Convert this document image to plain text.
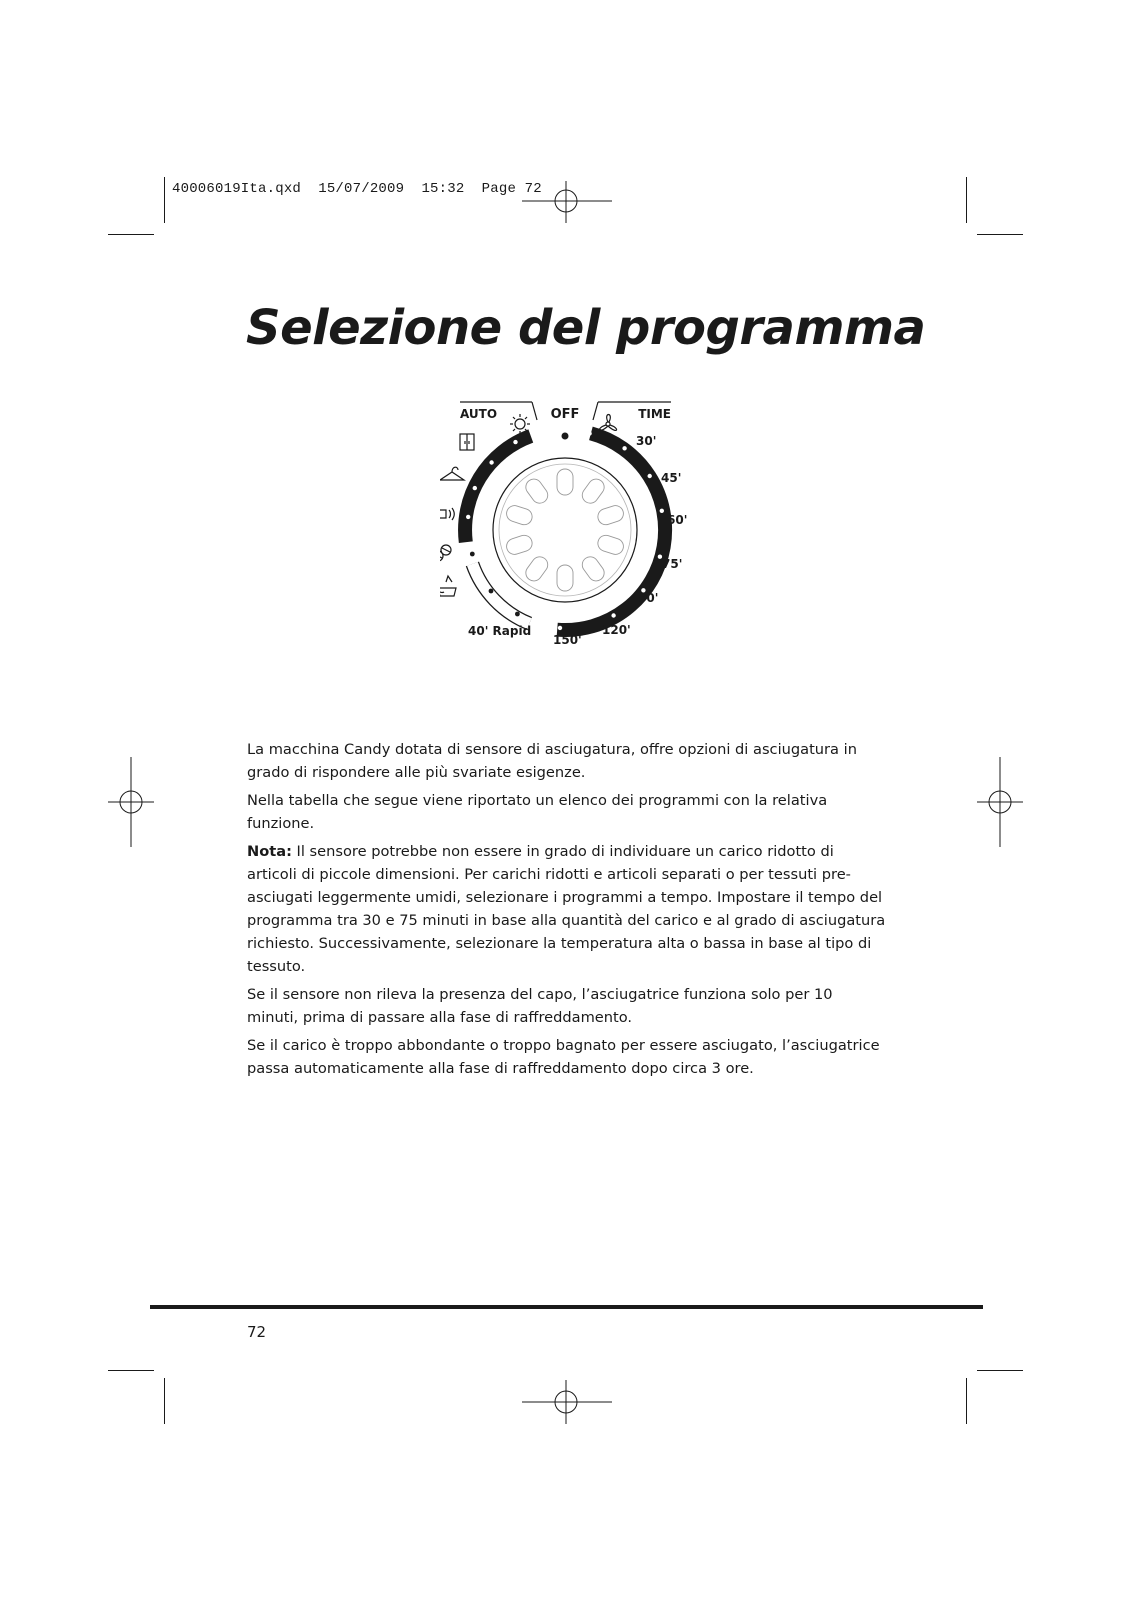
40006019Ita.qxd  15/07/2009  15:32  Page 72
Selezione del programma
AUTO	OFF	TIME
30'
45'
60'
75'
90'
120'
150'
40' Rapid

La macchina Candy dotata di sensore di asciugatura, offre opzioni di asciugatura in grado di rispondere alle più svariate esigenze.

Nella tabella che segue viene riportato un elenco dei programmi con la relativa funzione.

Nota: Il sensore potrebbe non essere in grado di individuare un carico ridotto di articoli di piccole dimensioni. Per carichi ridotti e articoli separati o per tessuti pre-asciugati leggermente umidi, selezionare i programmi a tempo. Impostare il tempo del programma tra 30 e 75 minuti in base alla quantità del carico e al grado di asciugatura richiesto. Successivamente, selezionare la temperatura alta o bassa in base al tipo di tessuto.

Se il sensore non rileva la presenza del capo, l’asciugatrice funziona solo per 10 minuti, prima di passare alla fase di raffreddamento.

Se il carico è troppo abbondante o troppo bagnato per essere asciugato, l’asciugatrice passa automaticamente alla fase di raffreddamento dopo circa 3 ore.

72
